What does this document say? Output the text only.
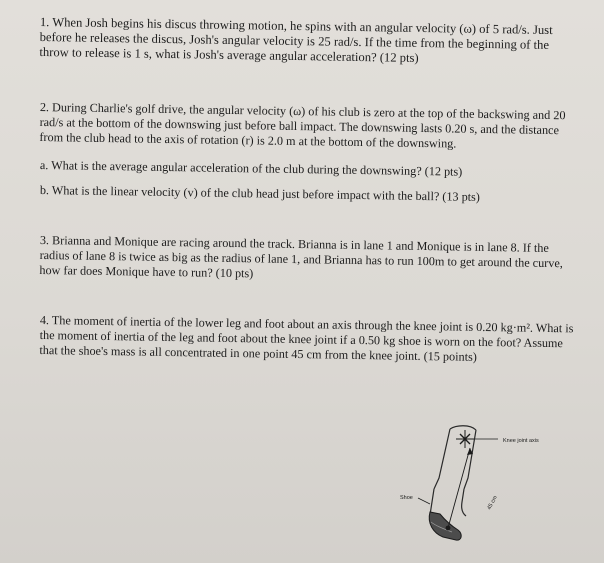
1. When Josh begins his discus throwing motion, he spins with an angular velocity (ω) of 5 rad/s. Just before he releases the discus, Josh's angular velocity is 25 rad/s. If the time from the beginning of the throw to release is 1 s, what is Josh's average angular acceleration? (12 pts)
2. During Charlie's golf drive, the angular velocity (ω) of his club is zero at the top of the backswing and 20 rad/s at the bottom of the downswing just before ball impact. The downswing lasts 0.20 s, and the distance from the club head to the axis of rotation (r) is 2.0 m at the bottom of the downswing.
a. What is the average angular acceleration of the club during the downswing? (12 pts)
b. What is the linear velocity (v) of the club head just before impact with the ball? (13 pts)
3. Brianna and Monique are racing around the track. Brianna is in lane 1 and Monique is in lane 8. If the radius of lane 8 is twice as big as the radius of lane 1, and Brianna has to run 100m to get around the curve, how far does Monique have to run? (10 pts)
4. The moment of inertia of the lower leg and foot about an axis through the knee joint is 0.20 kg·m². What is the moment of inertia of the leg and foot about the knee joint if a 0.50 kg shoe is worn on the foot? Assume that the shoe's mass is all concentrated in one point 45 cm from the knee joint. (15 points)
Knee joint axis
Shoe	45 cm
